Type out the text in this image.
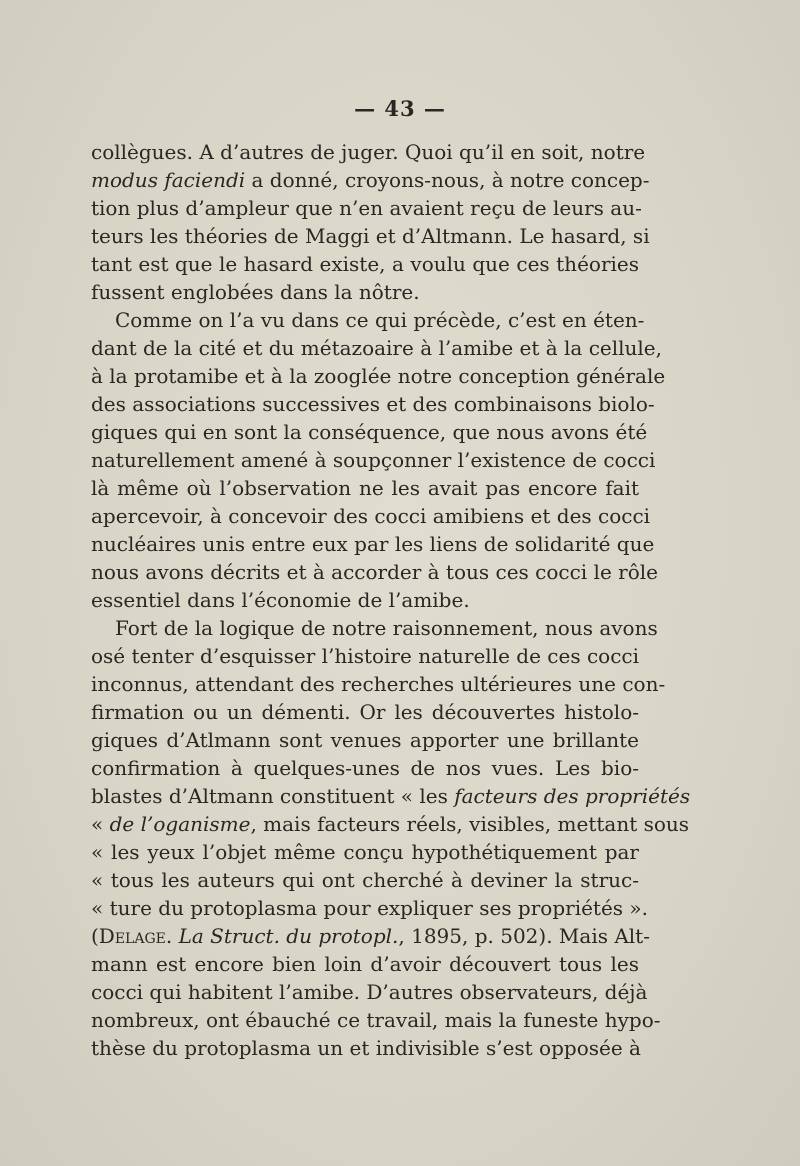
— 43 —
collègues. A d’autres de juger. Quoi qu’il en soit, notre
modus faciendi a donné, croyons-nous, à notre concep-
tion plus d’ampleur que n’en avaient reçu de leurs au-
teurs les théories de Maggi et d’Altmann. Le hasard, si
tant est que le hasard existe, a voulu que ces théories
fussent englobées dans la nôtre.
Comme on l’a vu dans ce qui précède, c’est en éten-
dant de la cité et du métazoaire à l’amibe et à la cellule,
à la protamibe et à la zooglée notre conception générale
des associations successives et des combinaisons biolo-
giques qui en sont la conséquence, que nous avons été
naturellement amené à soupçonner l’existence de cocci
là même où l’observation ne les avait pas encore fait
apercevoir, à concevoir des cocci amibiens et des cocci
nucléaires unis entre eux par les liens de solidarité que
nous avons décrits et à accorder à tous ces cocci le rôle
essentiel dans l’économie de l’amibe.
Fort de la logique de notre raisonnement, nous avons
osé tenter d’esquisser l’histoire naturelle de ces cocci
inconnus, attendant des recherches ultérieures une con-
firmation ou un démenti. Or les découvertes histolo-
giques d’Atlmann sont venues apporter une brillante
confirmation à quelques-unes de nos vues. Les bio-
blastes d’Altmann constituent « les facteurs des propriétés
« de l’oganisme, mais facteurs réels, visibles, mettant sous
« les yeux l’objet même conçu hypothétiquement par
« tous les auteurs qui ont cherché à deviner la struc-
« ture du protoplasma pour expliquer ses propriétés ».
(Delage. La Struct. du protopl., 1895, p. 502). Mais Alt-
mann est encore bien loin d’avoir découvert tous les
cocci qui habitent l’amibe. D’autres observateurs, déjà
nombreux, ont ébauché ce travail, mais la funeste hypo-
thèse du protoplasma un et indivisible s’est opposée à
